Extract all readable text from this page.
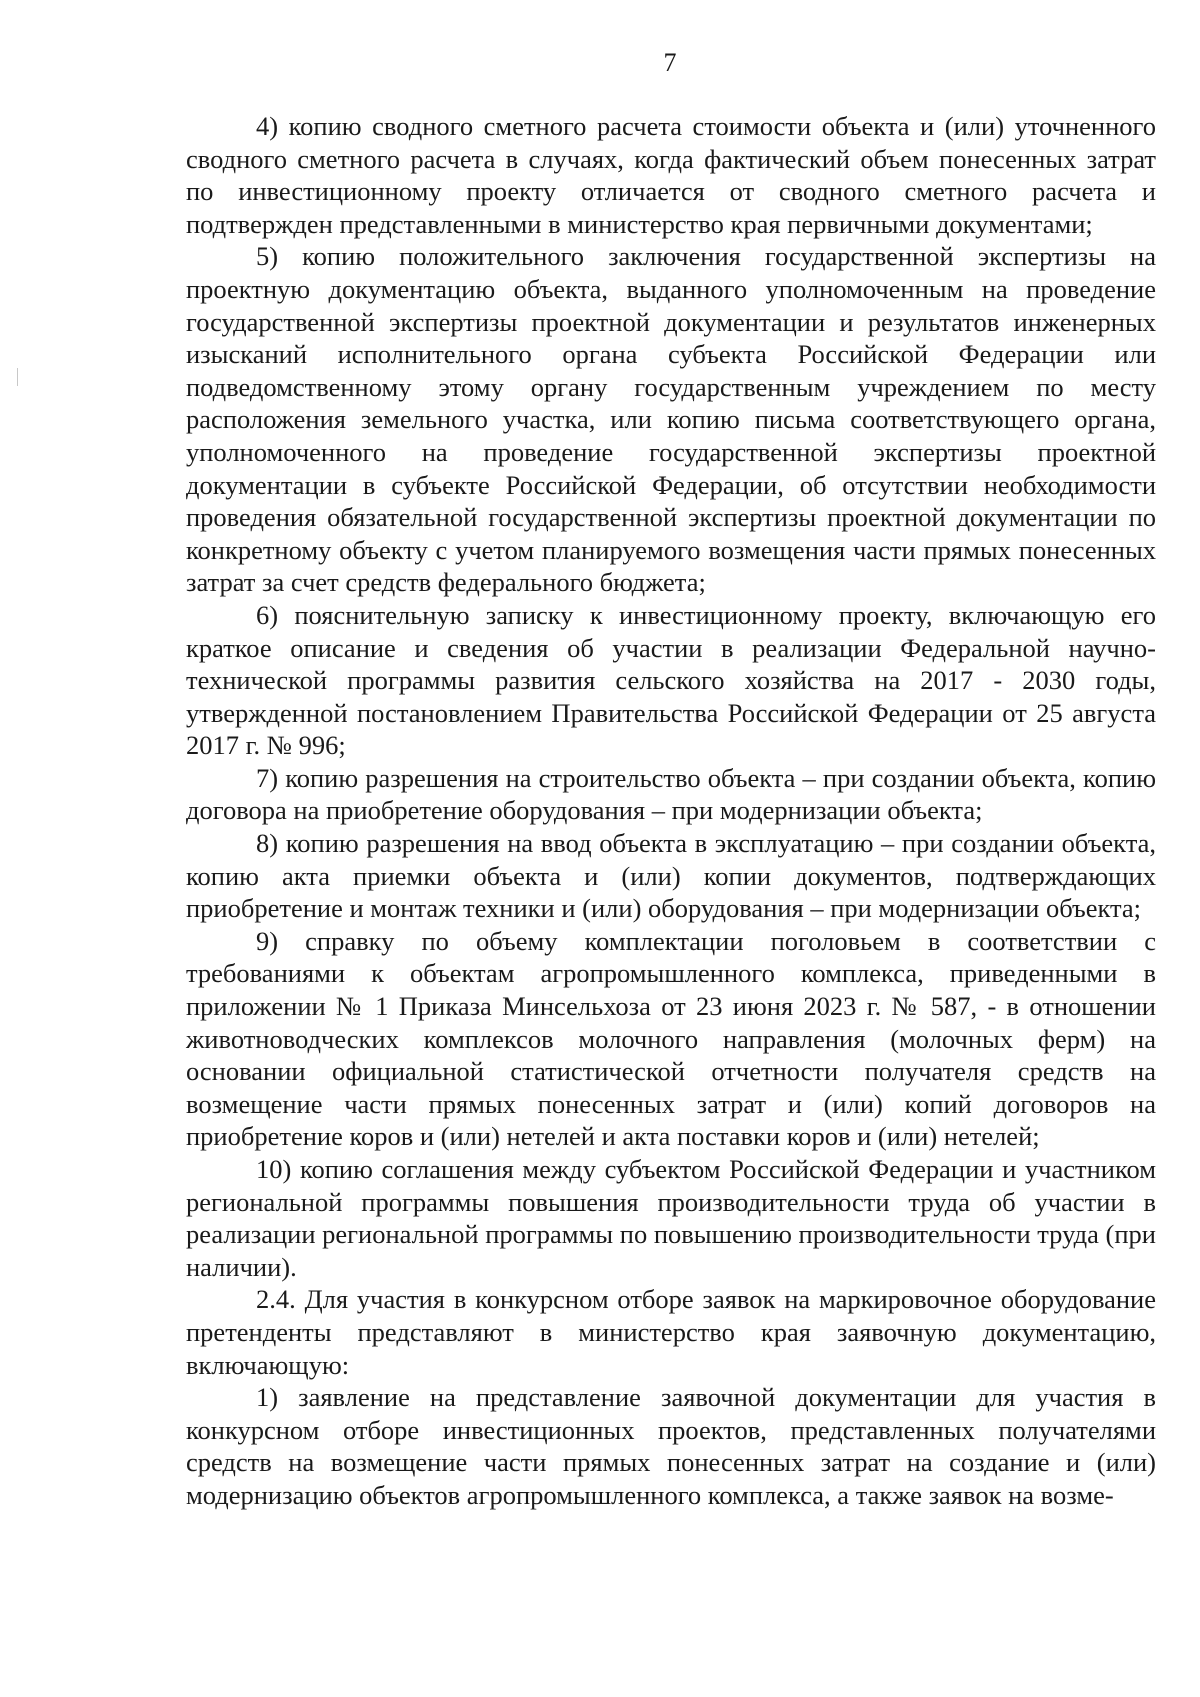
7

4) копию сводного сметного расчета стоимости объекта и (или) уточненного сводного сметного расчета в случаях, когда фактический объем понесенных затрат по инвестиционному проекту отличается от сводного сметного расчета и подтвержден представленными в министерство края первичными документами;

5) копию положительного заключения государственной экспертизы на проектную документацию объекта, выданного уполномоченным на проведение государственной экспертизы проектной документации и результатов инженерных изысканий исполнительного органа субъекта Российской Федерации или подведомственному этому органу государственным учреждением по месту расположения земельного участка, или копию письма соответствующего органа, уполномоченного на проведение государственной экспертизы проектной документации в субъекте Российской Федерации, об отсутствии необходимости проведения обязательной государственной экспертизы проектной документации по конкретному объекту с учетом планируемого возмещения части прямых понесенных затрат за счет средств федерального бюджета;

6) пояснительную записку к инвестиционному проекту, включающую его краткое описание и сведения об участии в реализации Федеральной научно-технической программы развития сельского хозяйства на 2017 - 2030 годы, утвержденной постановлением Правительства Российской Федерации от 25 августа 2017 г. № 996;

7) копию разрешения на строительство объекта – при создании объекта, копию договора на приобретение оборудования – при модернизации объекта;

8) копию разрешения на ввод объекта в эксплуатацию – при создании объекта, копию акта приемки объекта и (или) копии документов, подтверждающих приобретение и монтаж техники и (или) оборудования – при модернизации объекта;

9) справку по объему комплектации поголовьем в соответствии с требованиями к объектам агропромышленного комплекса, приведенными в приложении № 1 Приказа Минсельхоза от 23 июня 2023 г. № 587, - в отношении животноводческих комплексов молочного направления (молочных ферм) на основании официальной статистической отчетности получателя средств на возмещение части прямых понесенных затрат и (или) копий договоров на приобретение коров и (или) нетелей и акта поставки коров и (или) нетелей;

10) копию соглашения между субъектом Российской Федерации и участником региональной программы повышения производительности труда об участии в реализации региональной программы по повышению производительности труда (при наличии).

2.4. Для участия в конкурсном отборе заявок на маркировочное оборудование претенденты представляют в министерство края заявочную документацию, включающую:

1) заявление на представление заявочной документации для участия в конкурсном отборе инвестиционных проектов, представленных получателями средств на возмещение части прямых понесенных затрат на создание и (или) модернизацию объектов агропромышленного комплекса, а также заявок на возме-
